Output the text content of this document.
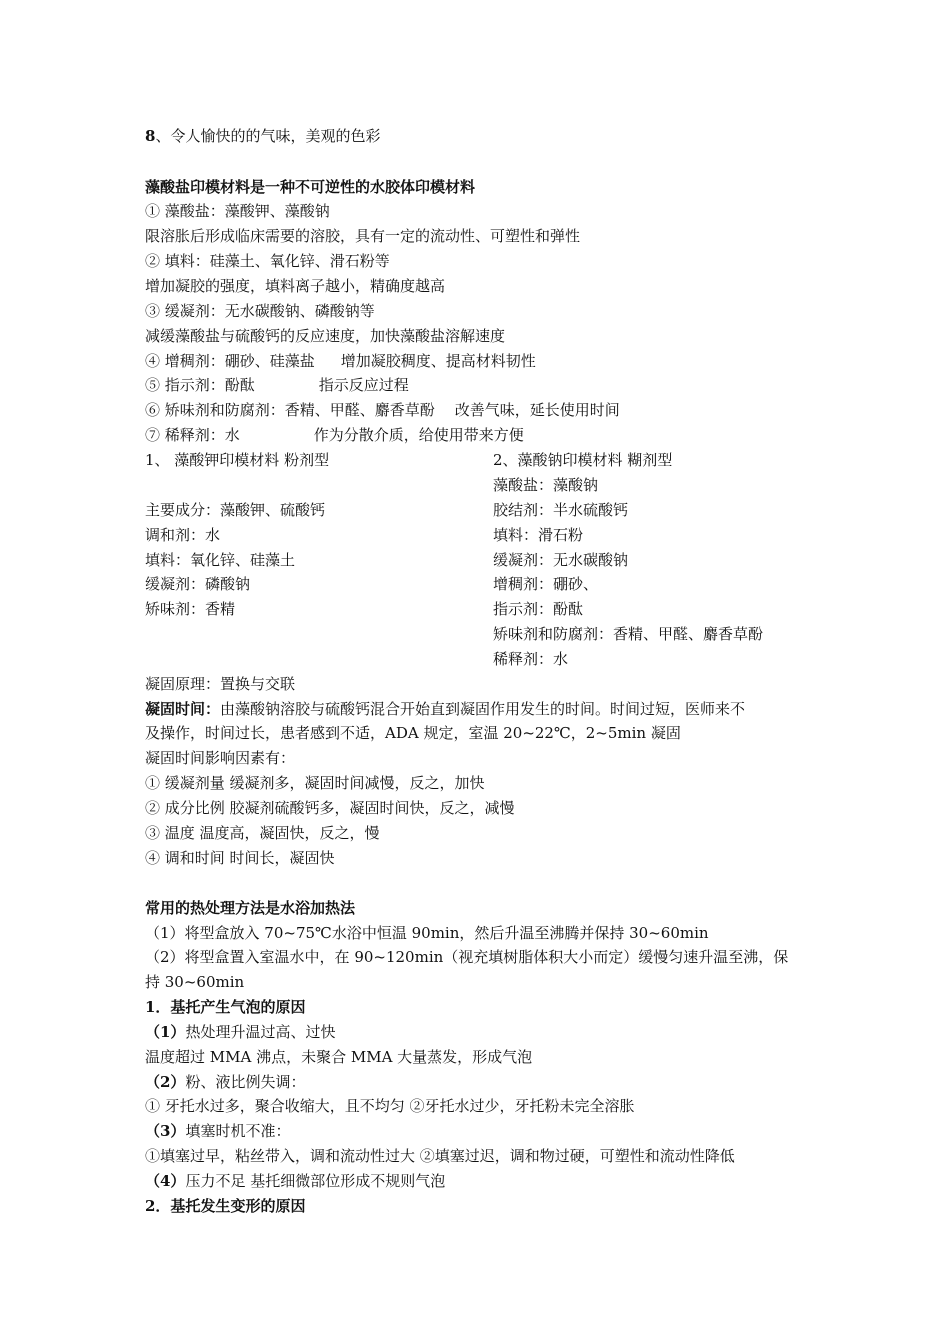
8、令人愉快的的气味，美观的色彩
藻酸盐印模材料是一种不可逆性的水胶体印模材料
① 藻酸盐：藻酸钾、藻酸钠
限溶胀后形成临床需要的溶胶，具有一定的流动性、可塑性和弹性
② 填料：硅藻土、氧化锌、滑石粉等
增加凝胶的强度，填料离子越小，精确度越高
③ 缓凝剂：无水碳酸钠、磷酸钠等
减缓藻酸盐与硫酸钙的反应速度，加快藻酸盐溶解速度
④ 增稠剂：硼砂、硅藻盐 增加凝胶稠度、提高材料韧性
⑤ 指示剂：酚酞	指示反应过程
⑥ 矫味剂和防腐剂：香精、甲醛、麝香草酚 改善气味，延长使用时间
⑦ 稀释剂：水	作为分散介质，给使用带来方便
1、 藻酸钾印模材料 粉剂型
主要成分：藻酸钾、硫酸钙
调和剂：水
填料：氧化锌、硅藻土
缓凝剂：磷酸钠
矫味剂：香精
2、藻酸钠印模材料 糊剂型
藻酸盐：藻酸钠
胶结剂：半水硫酸钙
填料：滑石粉
缓凝剂：无水碳酸钠
增稠剂：硼砂、
指示剂：酚酞
矫味剂和防腐剂：香精、甲醛、麝香草酚
稀释剂：水
凝固原理：置换与交联
凝固时间：由藻酸钠溶胶与硫酸钙混合开始直到凝固作用发生的时间。时间过短，医师来不
及操作，时间过长，患者感到不适，ADA 规定，室温 20~22℃，2~5min 凝固
凝固时间影响因素有：
① 缓凝剂量 缓凝剂多，凝固时间减慢，反之，加快
② 成分比例 胶凝剂硫酸钙多，凝固时间快，反之，减慢
③ 温度 温度高，凝固快，反之，慢
④ 调和时间 时间长，凝固快
常用的热处理方法是水浴加热法
（1）将型盒放入 70~75℃水浴中恒温 90min，然后升温至沸腾并保持 30~60min
（2）将型盒置入室温水中，在 90~120min（视充填树脂体积大小而定）缓慢匀速升温至沸，保
持 30~60min
1．基托产生气泡的原因
（1）热处理升温过高、过快
温度超过 MMA 沸点，未聚合 MMA 大量蒸发，形成气泡
（2）粉、液比例失调：
① 牙托水过多，聚合收缩大，且不均匀 ②牙托水过少，牙托粉未完全溶胀
（3）填塞时机不准：
①填塞过早，粘丝带入，调和流动性过大 ②填塞过迟，调和物过硬，可塑性和流动性降低
（4）压力不足 基托细微部位形成不规则气泡
2．基托发生变形的原因
